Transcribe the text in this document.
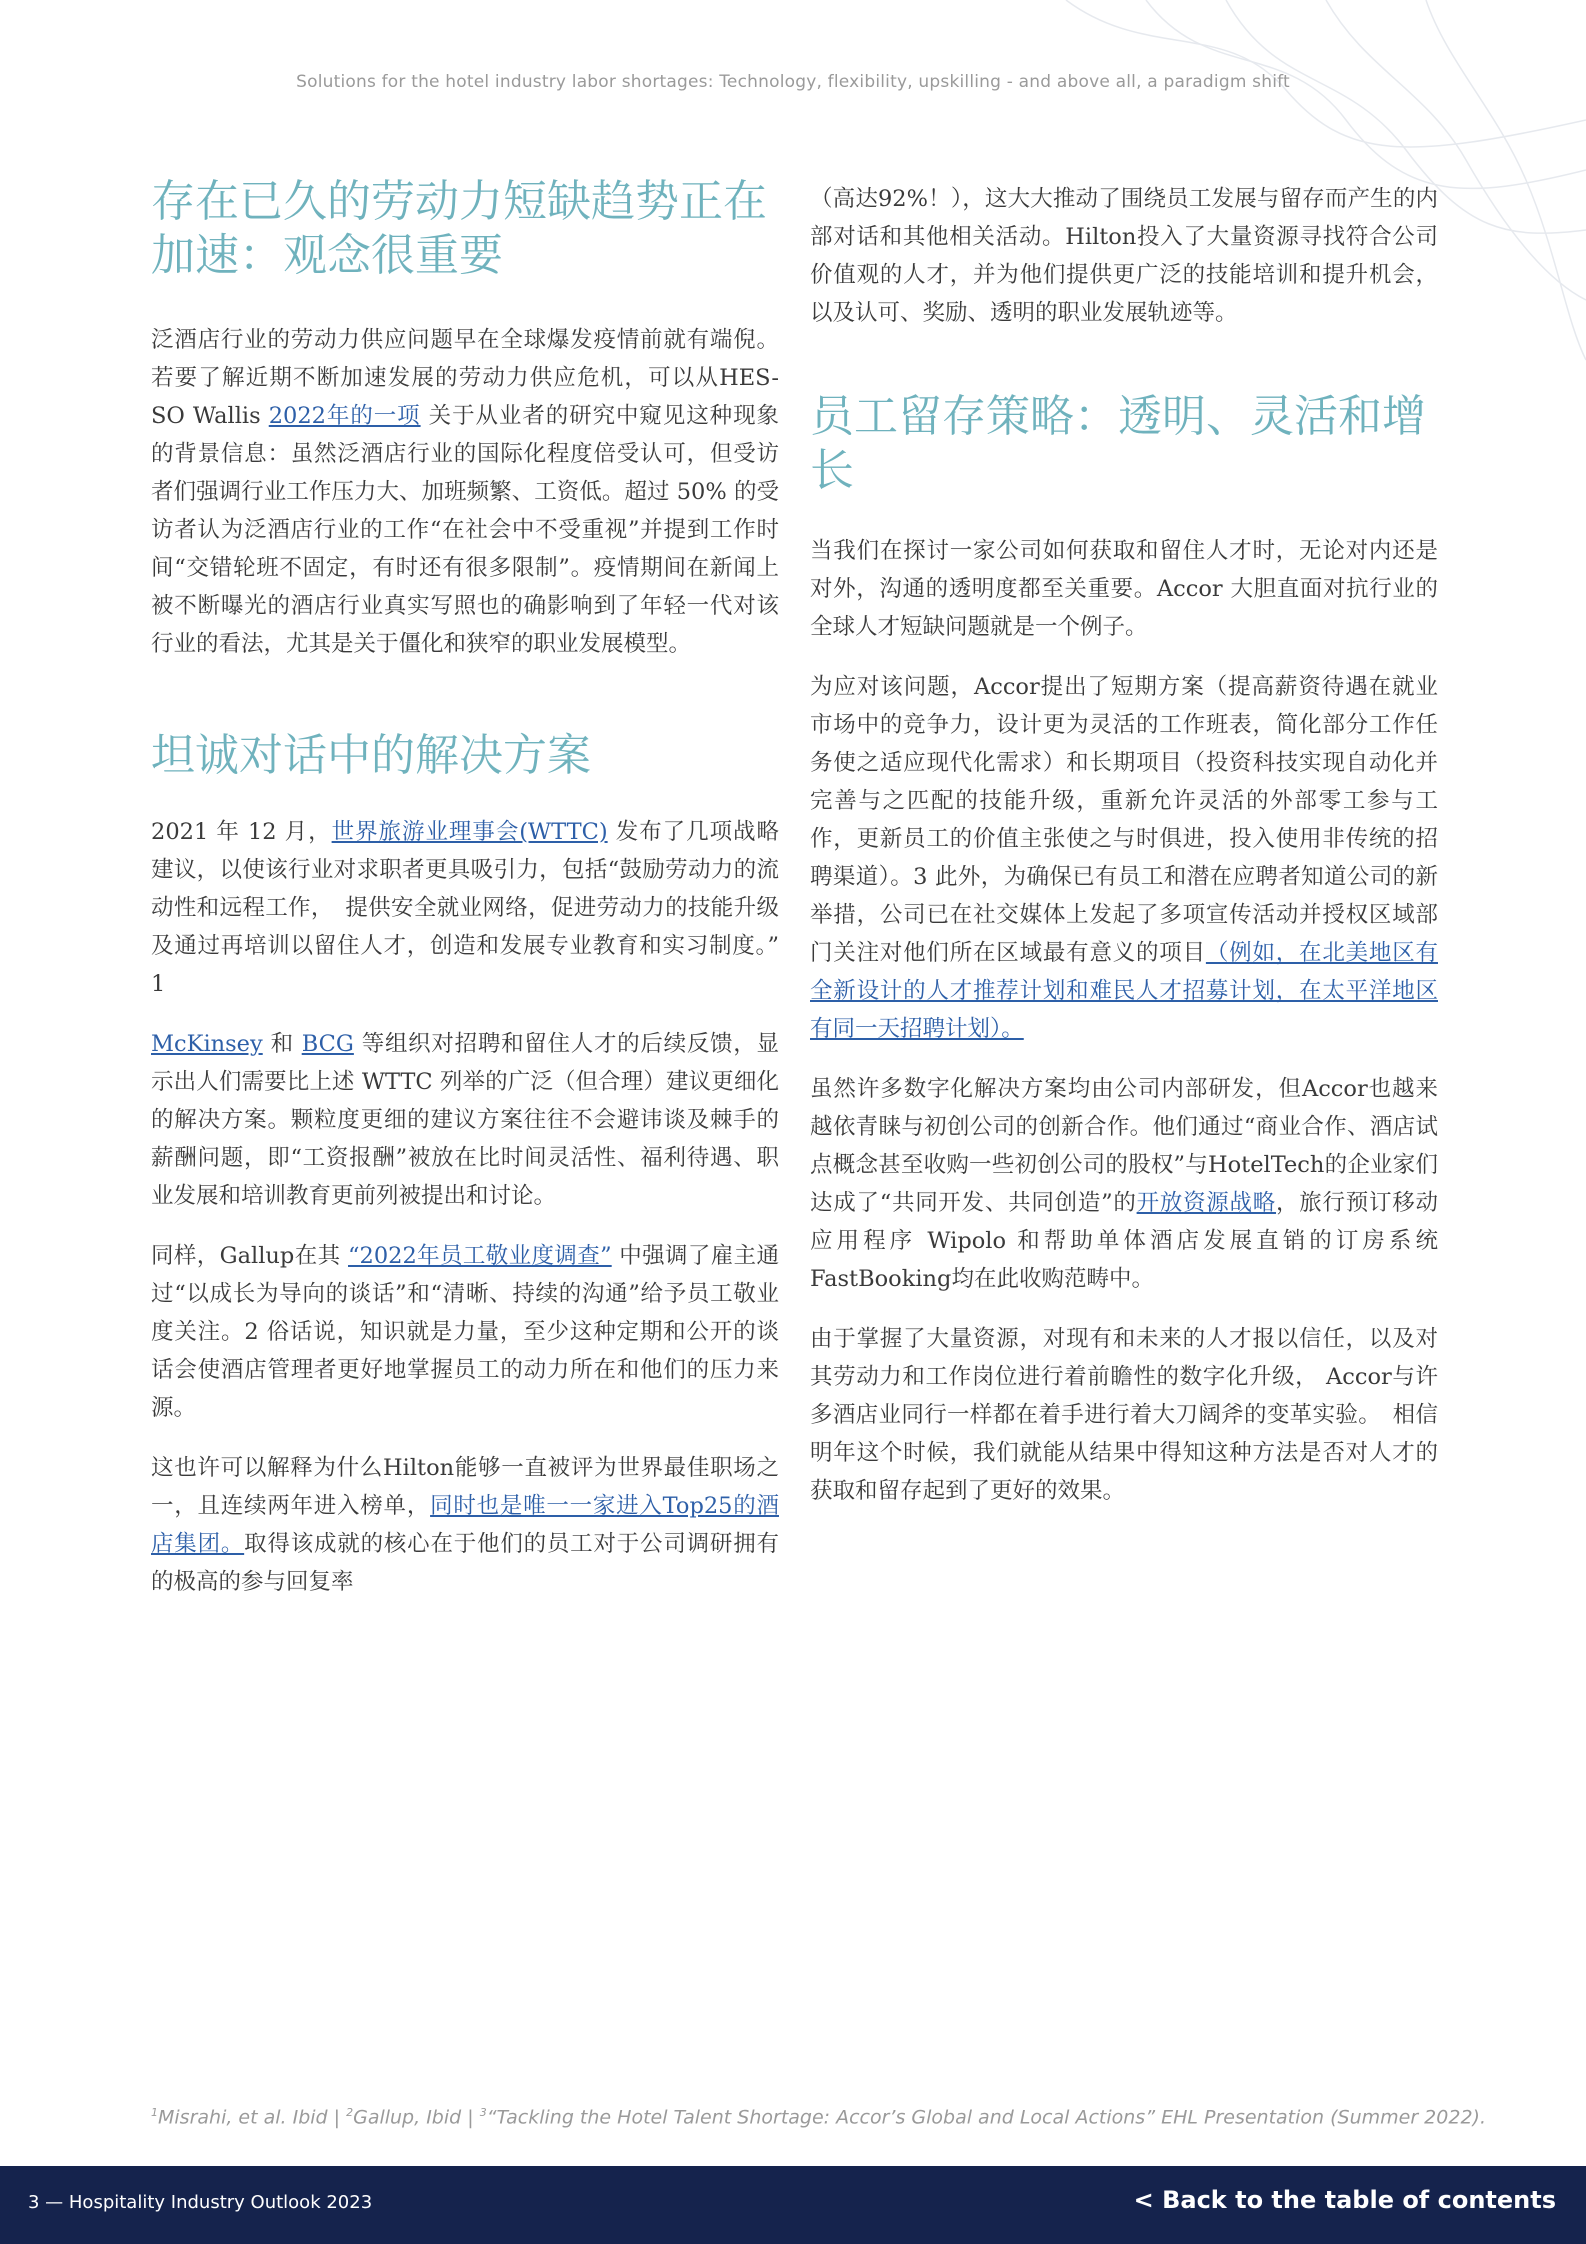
Solutions for the hotel industry labor shortages: Technology, flexibility, upskilling - and above all, a paradigm shift
存在已久的劳动力短缺趋势正在加速：观念很重要

泛酒店行业的劳动力供应问题早在全球爆发疫情前就有端倪。若要了解近期不断加速发展的劳动力供应危机，可以从HES-SO Wallis 2022年的一项 关于从业者的研究中窥见这种现象的背景信息：虽然泛酒店行业的国际化程度倍受认可，但受访者们强调行业工作压力大、加班频繁、工资低。超过 50% 的受访者认为泛酒店行业的工作“在社会中不受重视”并提到工作时间“交错轮班不固定，有时还有很多限制”。疫情期间在新闻上被不断曝光的酒店行业真实写照也的确影响到了年轻一代对该行业的看法，尤其是关于僵化和狭窄的职业发展模型。

坦诚对话中的解决方案

2021 年 12 月，世界旅游业理事会(WTTC) 发布了几项战略建议，以使该行业对求职者更具吸引力，包括“鼓励劳动力的流动性和远程工作，　提供安全就业网络，促进劳动力的技能升级及通过再培训以留住人才，创造和发展专业教育和实习制度。” 1

McKinsey 和 BCG 等组织对招聘和留住人才的后续反馈，显示出人们需要比上述 WTTC 列举的广泛（但合理）建议更细化的解决方案。颗粒度更细的建议方案往往不会避讳谈及棘手的薪酬问题，即“工资报酬”被放在比时间灵活性、福利待遇、职业发展和培训教育更前列被提出和讨论。

同样，Gallup在其 “2022年员工敬业度调查” 中强调了雇主通过“以成长为导向的谈话”和“清晰、持续的沟通”给予员工敬业度关注。2 俗话说，知识就是力量，至少这种定期和公开的谈话会使酒店管理者更好地掌握员工的动力所在和他们的压力来源。

这也许可以解释为什么Hilton能够一直被评为世界最佳职场之一，且连续两年进入榜单，同时也是唯一一家进入Top25的酒店集团。取得该成就的核心在于他们的员工对于公司调研拥有的极高的参与回复率

（高达92%！），这大大推动了围绕员工发展与留存而产生的内部对话和其他相关活动。Hilton投入了大量资源寻找符合公司价值观的人才，并为他们提供更广泛的技能培训和提升机会，以及认可、奖励、透明的职业发展轨迹等。

员工留存策略：透明、灵活和增长

当我们在探讨一家公司如何获取和留住人才时，无论对内还是对外，沟通的透明度都至关重要。Accor 大胆直面对抗行业的全球人才短缺问题就是一个例子。

为应对该问题，Accor提出了短期方案（提高薪资待遇在就业市场中的竞争力，设计更为灵活的工作班表，简化部分工作任务使之适应现代化需求）和长期项目（投资科技实现自动化并完善与之匹配的技能升级，重新允许灵活的外部零工参与工作，更新员工的价值主张使之与时俱进，投入使用非传统的招聘渠道）。3 此外，为确保已有员工和潜在应聘者知道公司的新举措，公司已在社交媒体上发起了多项宣传活动并授权区域部门关注对他们所在区域最有意义的项目（例如，在北美地区有全新设计的人才推荐计划和难民人才招募计划，在太平洋地区有同一天招聘计划）。

虽然许多数字化解决方案均由公司内部研发，但Accor也越来越依青睐与初创公司的创新合作。他们通过“商业合作、酒店试点概念甚至收购一些初创公司的股权”与HotelTech的企业家们达成了“共同开发、共同创造”的开放资源战略，旅行预订移动应用程序 Wipolo 和帮助单体酒店发展直销的订房系统 FastBooking均在此收购范畴中。

由于掌握了大量资源，对现有和未来的人才报以信任，以及对其劳动力和工作岗位进行着前瞻性的数字化升级， Accor与许多酒店业同行一样都在着手进行着大刀阔斧的变革实验。　相信明年这个时候，我们就能从结果中得知这种方法是否对人才的获取和留存起到了更好的效果。

$^1$Misrahi, et al. Ibid | $^2$Gallup, Ibid | $^3$“Tackling the Hotel Talent Shortage: Accor’s Global and Local Actions” EHL Presentation (Summer 2022).
3 — Hospitality Industry Outlook 2023	< Back to the table of contents
